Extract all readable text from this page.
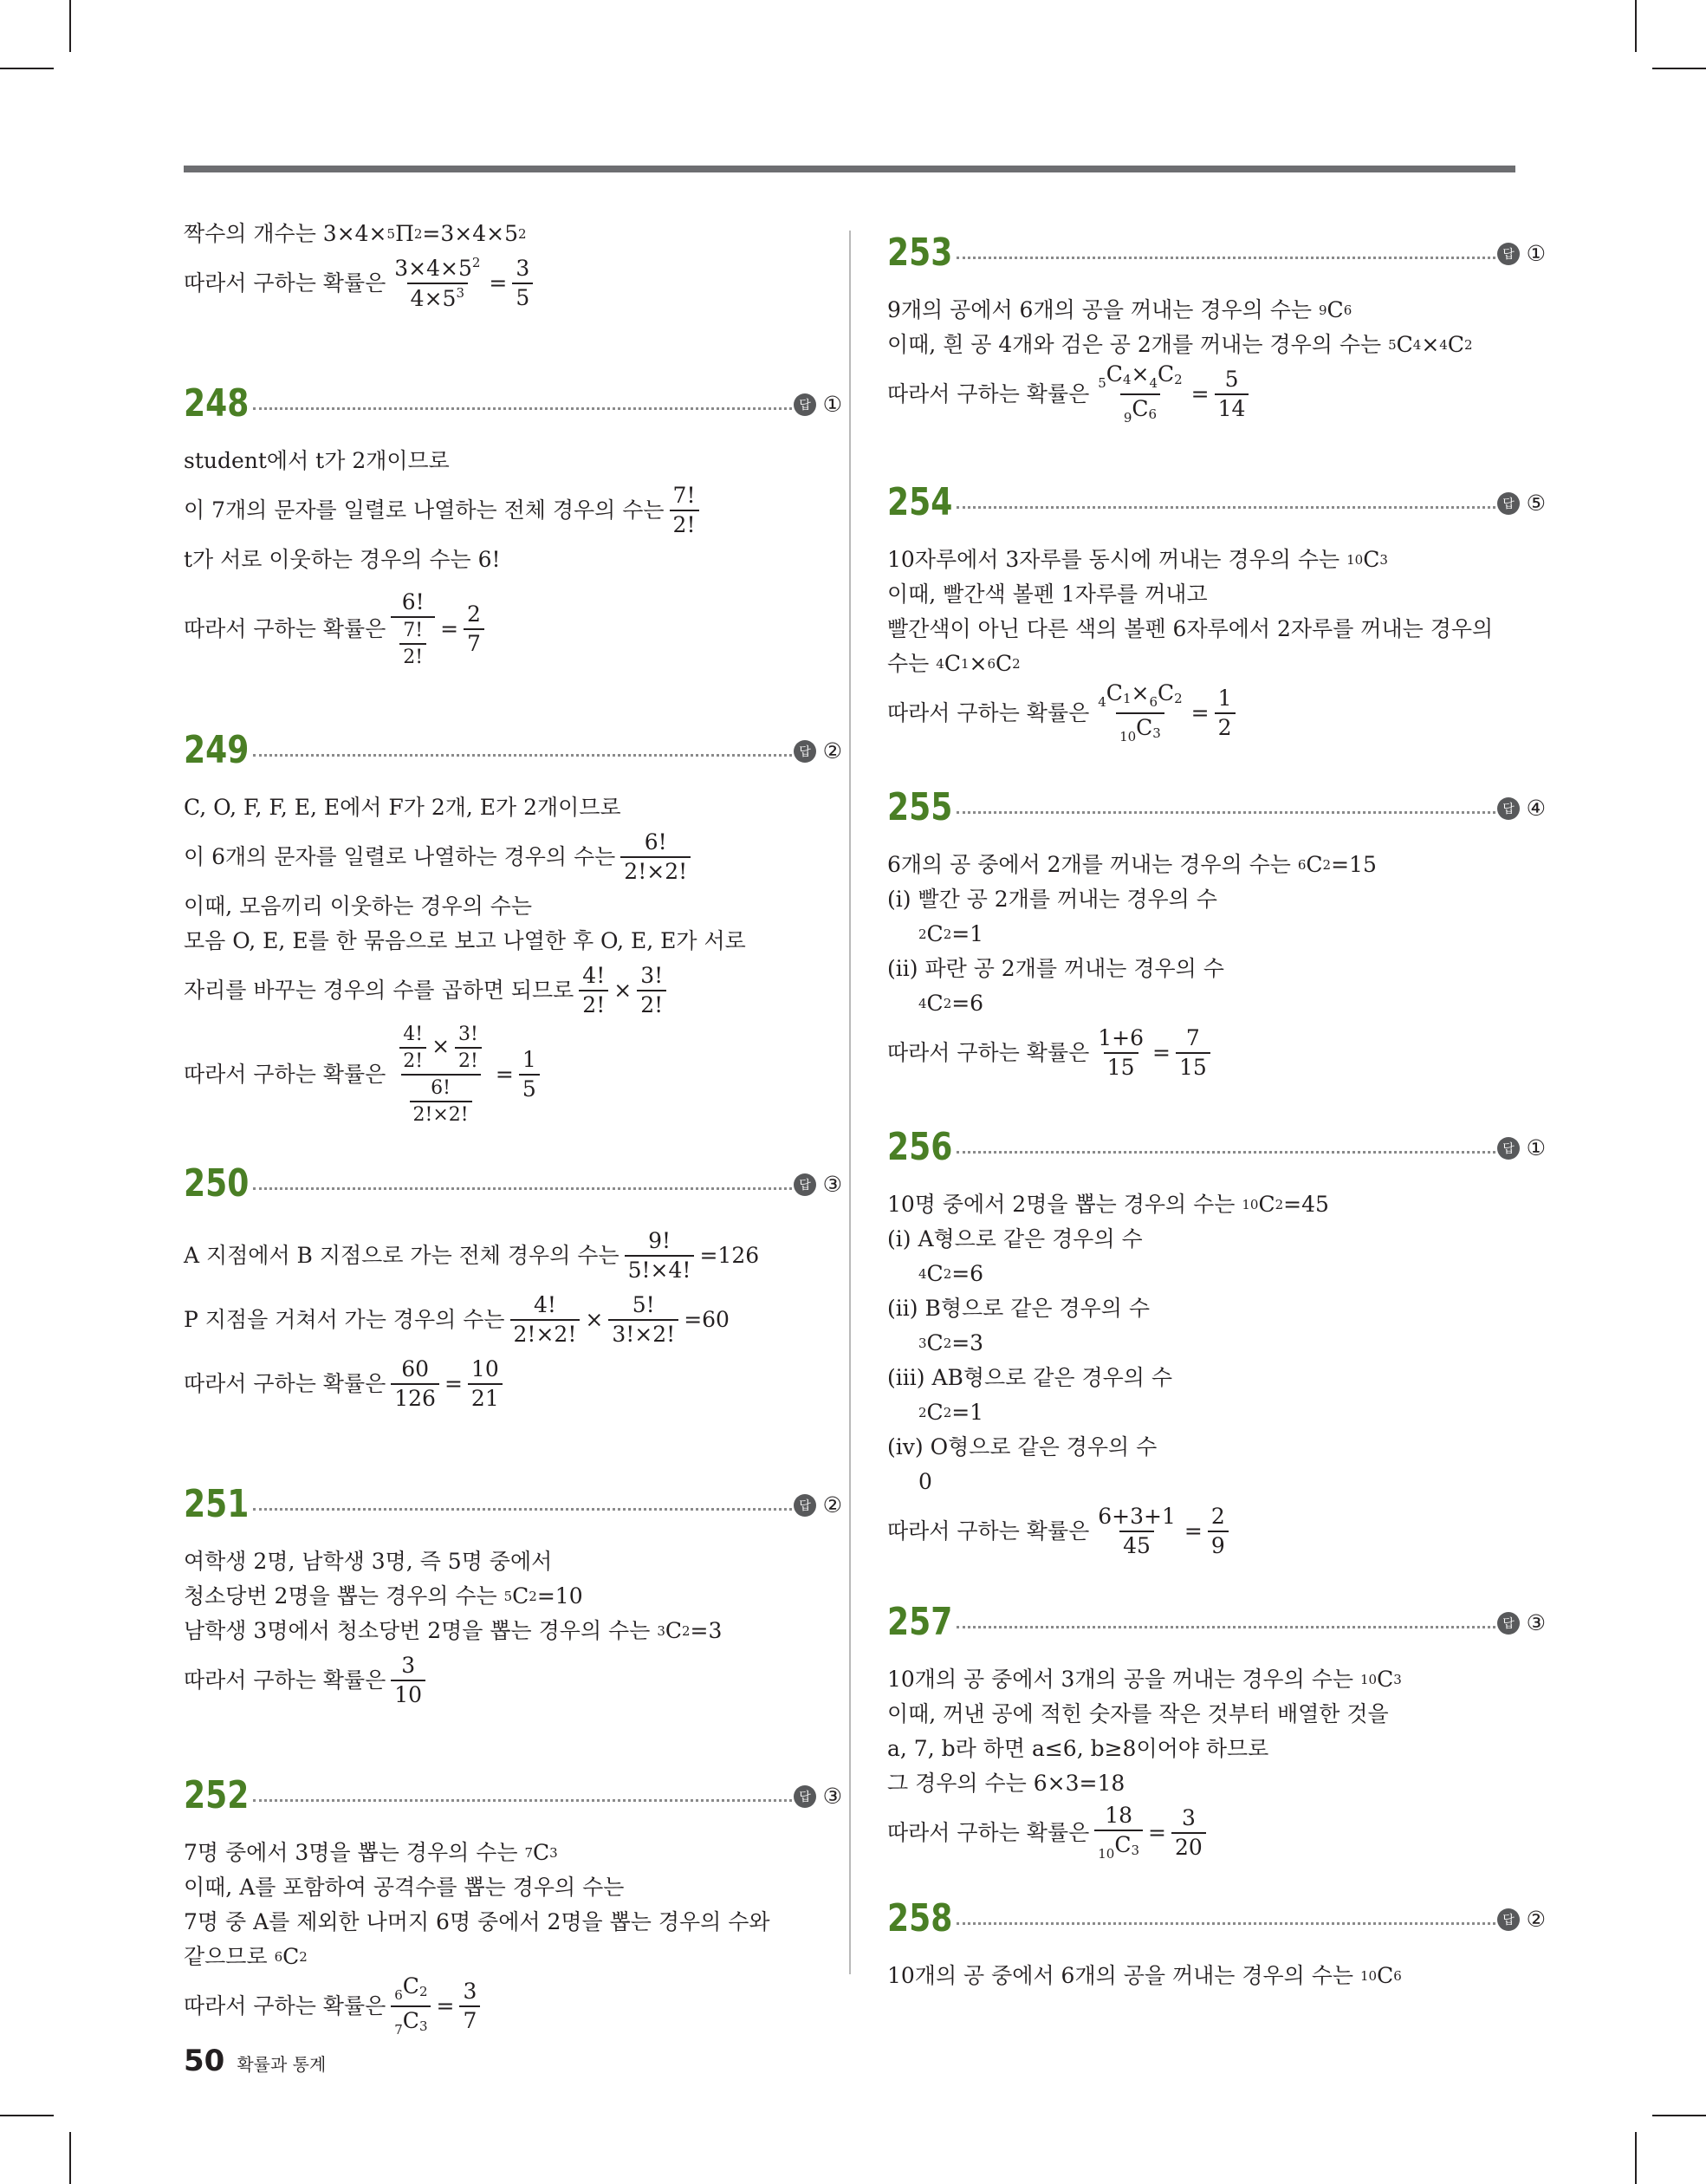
짝수의 개수는 3×4× 5 Π 2 =3×4×5 2
따라서 구하는 확률은 $\frac{3\times 4\times 5^2}{4\times 5^3} = \frac{3}{5}$
248	답 ①
student에서 t가 2개이므로
이 7개의 문자를 일렬로 나열하는 전체 경우의 수는 $\frac{7!}{2!}$
t가 서로 이웃하는 경우의 수는 6!
따라서 구하는 확률은 $\frac{6!}{\frac{7!}{2!}} = \frac{2}{7}$
249	답 ②
C, O, F, F, E, E에서 F가 2개, E가 2개이므로
이 6개의 문자를 일렬로 나열하는 경우의 수는 $\frac{6!}{2!\times 2!}$
이때, 모음끼리 이웃하는 경우의 수는
모음 O, E, E를 한 묶음으로 보고 나열한 후 O, E, E가 서로
자리를 바꾸는 경우의 수를 곱하면 되므로 $\frac{4!}{2!} \times \frac{3!}{2!}$
따라서 구하는 확률은 $\frac{\frac{4!}{2!} \times \frac{3!}{2!}}{\frac{6!}{2!\times 2!}} = \frac{1}{5}$
250	답 ③
A 지점에서 B 지점으로 가는 전체 경우의 수는 $\frac{9!}{5!\times 4!} =126$
P 지점을 거쳐서 가는 경우의 수는 $\frac{4!}{2!\times 2!} \times \frac{5!}{3!\times 2!} =60$
따라서 구하는 확률은 $\frac{60}{126} = \frac{10}{21}$
251	답 ②
여학생 2명, 남학생 3명, 즉 5명 중에서
청소당번 2명을 뽑는 경우의 수는
5 C 2 =10
남학생 3명에서 청소당번 2명을 뽑는 경우의 수는
3 C 2 =3
따라서 구하는 확률은 $\frac{3}{10}$
252	답 ③
7명 중에서 3명을 뽑는 경우의 수는
7 C 3
이때, A를 포함하여 공격수를 뽑는 경우의 수는
7명 중 A를 제외한 나머지 6명 중에서 2명을 뽑는 경우의 수와
같으므로
6 C 2
따라서 구하는 확률은 $\frac{_6C_2}{_7C_3} = \frac{3}{7}$
253	답 ①
9개의 공에서 6개의 공을 꺼내는 경우의 수는
9 C 6
이때, 흰 공 4개와 검은 공 2개를 꺼내는 경우의 수는
5 C 4 × 4 C 2
따라서 구하는 확률은 $\frac{_5C_4\times_4C_2}{_9C_6} = \frac{5}{14}$
254	답 ⑤
10자루에서 3자루를 동시에 꺼내는 경우의 수는
10 C 3
이때, 빨간색 볼펜 1자루를 꺼내고
빨간색이 아닌 다른 색의 볼펜 6자루에서 2자루를 꺼내는 경우의
수는
4 C 1 × 6 C 2
따라서 구하는 확률은 $\frac{_4C_1\times_6C_2}{_{10}C_3} = \frac{1}{2}$
255	답 ④
6개의 공 중에서 2개를 꺼내는 경우의 수는
6 C 2 =15
(ⅰ) 빨간 공 2개를 꺼내는 경우의 수
2 C 2 =1
(ⅱ) 파란 공 2개를 꺼내는 경우의 수
4 C 2 =6
따라서 구하는 확률은 $\frac{1+6}{15} = \frac{7}{15}$
256	답 ①
10명 중에서 2명을 뽑는 경우의 수는
10 C 2 =45
(ⅰ) A형으로 같은 경우의 수
4 C 2 =6
(ⅱ) B형으로 같은 경우의 수
3 C 2 =3
(ⅲ) AB형으로 같은 경우의 수
2 C 2 =1
(ⅳ) O형으로 같은 경우의 수
0
따라서 구하는 확률은 $\frac{6+3+1}{45} = \frac{2}{9}$
257	답 ③
10개의 공 중에서 3개의 공을 꺼내는 경우의 수는
10 C 3
이때, 꺼낸 공에 적힌 숫자를 작은 것부터 배열한 것을
a, 7, b라 하면 a≤6, b≥8이어야 하므로
그 경우의 수는 6×3=18
따라서 구하는 확률은 $\frac{18}{_{10}C_3} = \frac{3}{20}$
258	답 ②
10개의 공 중에서 6개의 공을 꺼내는 경우의 수는
10 C 6
50 확률과 통계
